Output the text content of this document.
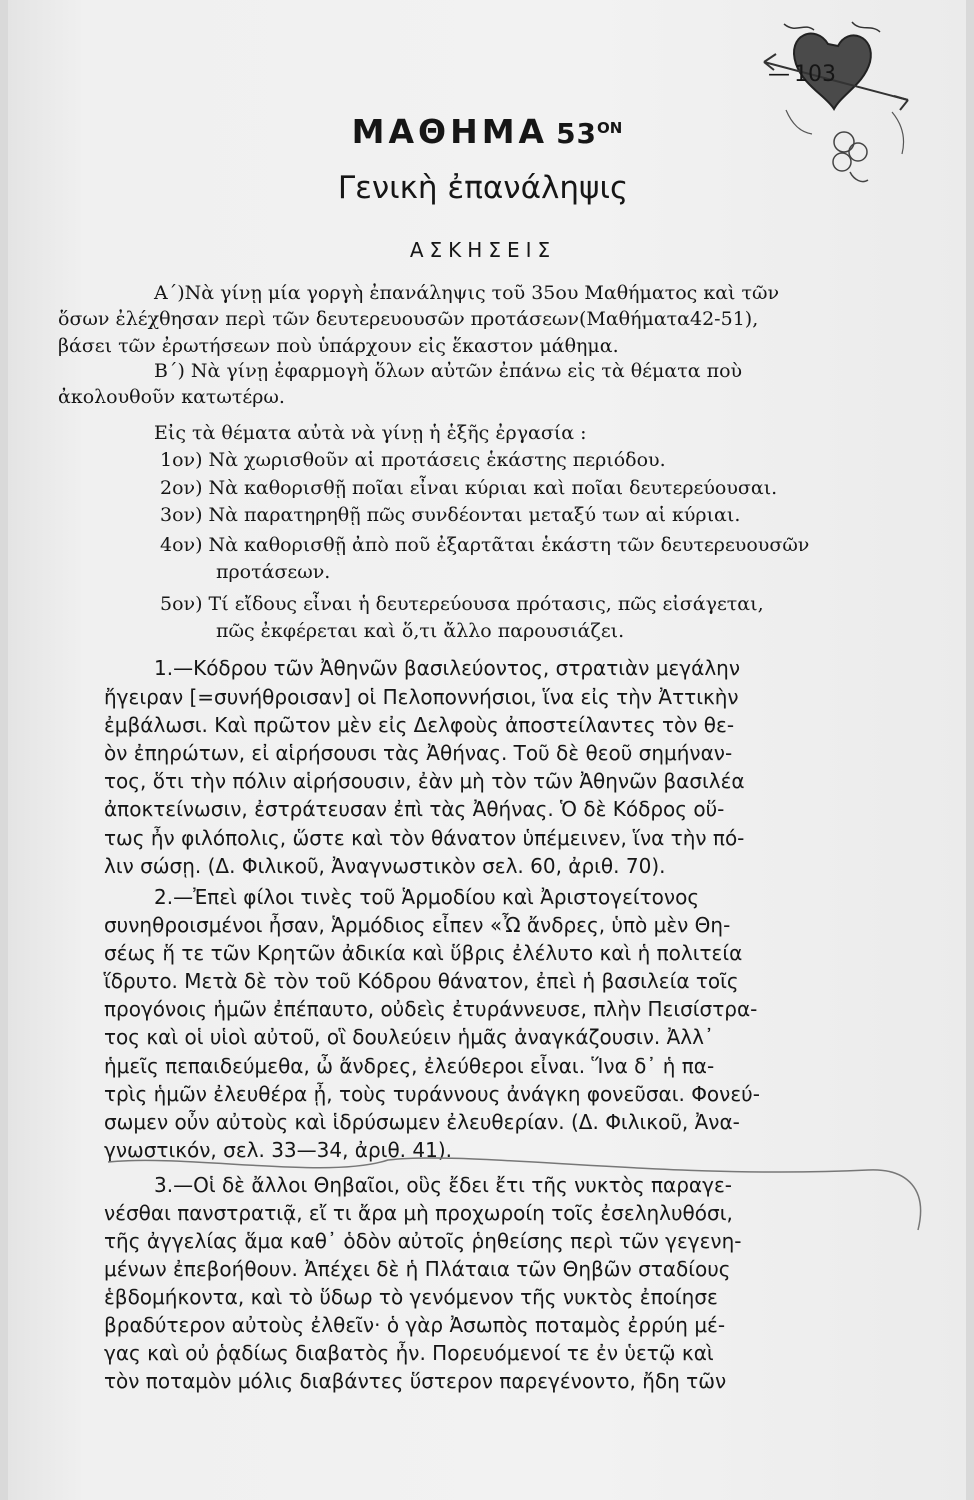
— 103
ΜΑΘΗΜΑ $53^{ON}$
Γενικὴ ἐπανάληψις
ΑΣΚΗΣΕΙΣ
Α΄)Νὰ γίνῃ μία γοργὴ ἐπανάληψις τοῦ 35ου Μαθήματος καὶ τῶν
ὅσων ἐλέχθησαν περὶ τῶν δευτερευουσῶν προτάσεων(Μαθήματα42-51),
βάσει τῶν ἐρωτήσεων ποὺ ὑπάρχουν εἰς ἕκαστον μάθημα.
Β΄) Νὰ γίνῃ ἐφαρμογὴ ὅλων αὐτῶν ἐπάνω εἰς τὰ θέματα ποὺ
ἀκολουθοῦν κατωτέρω.
Εἰς τὰ θέματα αὐτὰ νὰ γίνῃ ἡ ἑξῆς ἐργασία :
1ον) Νὰ χωρισθοῦν αἱ προτάσεις ἑκάστης περιόδου.
2ον) Νὰ καθορισθῇ ποῖαι εἶναι κύριαι καὶ ποῖαι δευτερεύουσαι.
3ον) Νὰ παρατηρηθῇ πῶς συνδέονται μεταξύ των αἱ κύριαι.
4ον) Νὰ καθορισθῇ ἀπὸ ποῦ ἐξαρτᾶται ἑκάστη τῶν δευτερευουσῶν
προτάσεων.
5ον) Τί εἴδους εἶναι ἡ δευτερεύουσα πρότασις, πῶς εἰσάγεται,
πῶς ἐκφέρεται καὶ ὅ,τι ἄλλο παρουσιάζει.
1.—Κόδρου τῶν Ἀθηνῶν βασιλεύοντος, στρατιὰν μεγάλην
ἤγειραν [=συνήθροισαν] οἱ Πελοποννήσιοι, ἵνα εἰς τὴν Ἀττικὴν
ἐμβάλωσι. Καὶ πρῶτον μὲν εἰς Δελφοὺς ἀποστείλαντες τὸν θε-
ὸν ἐπηρώτων, εἰ αἱρήσουσι τὰς Ἀθήνας. Τοῦ δὲ θεοῦ σημήναν-
τος, ὅτι τὴν πόλιν αἱρήσουσιν, ἐὰν μὴ τὸν τῶν Ἀθηνῶν βασιλέα
ἀποκτείνωσιν, ἐστράτευσαν ἐπὶ τὰς Ἀθήνας. Ὁ δὲ Κόδρος οὕ-
τως ἦν φιλόπολις, ὥστε καὶ τὸν θάνατον ὑπέμεινεν, ἵνα τὴν πό-
λιν σώσῃ. (Δ. Φιλικοῦ, Ἀναγνωστικὸν σελ. 60, ἀριθ. 70).
2.—Ἐπεὶ φίλοι τινὲς τοῦ Ἁρμοδίου καὶ Ἀριστογείτονος
συνηθροισμένοι ἦσαν, Ἁρμόδιος εἶπεν «Ὦ ἄνδρες, ὑπὸ μὲν Θη-
σέως ἥ τε τῶν Κρητῶν ἀδικία καὶ ὕβρις ἐλέλυτο καὶ ἡ πολιτεία
ἵδρυτο. Μετὰ δὲ τὸν τοῦ Κόδρου θάνατον, ἐπεὶ ἡ βασιλεία τοῖς
προγόνοις ἡμῶν ἐπέπαυτο, οὐδεὶς ἐτυράννευσε, πλὴν Πεισίστρα-
τος καὶ οἱ υἱοὶ αὐτοῦ, οἳ δουλεύειν ἡμᾶς ἀναγκάζουσιν. Ἀλλ᾽
ἡμεῖς πεπαιδεύμεθα, ὦ ἄνδρες, ἐλεύθεροι εἶναι. Ἵνα δ᾽ ἡ πα-
τρὶς ἡμῶν ἐλευθέρα ᾖ, τοὺς τυράννους ἀνάγκη φονεῦσαι. Φονεύ-
σωμεν οὖν αὐτοὺς καὶ ἱδρύσωμεν ἐλευθερίαν. (Δ. Φιλικοῦ, Ἀνα-
γνωστικόν, σελ. 33—34, ἀριθ. 41).
3.—Οἱ δὲ ἄλλοι Θηβαῖοι, οὓς ἔδει ἔτι τῆς νυκτὸς παραγε-
νέσθαι πανστρατιᾷ, εἴ τι ἄρα μὴ προχωροίη τοῖς ἐσεληλυθόσι,
τῆς ἀγγελίας ἅμα καθ᾽ ὁδὸν αὐτοῖς ῥηθείσης περὶ τῶν γεγενη-
μένων ἐπεβοήθουν. Ἀπέχει δὲ ἡ Πλάταια τῶν Θηβῶν σταδίους
ἑβδομήκοντα, καὶ τὸ ὕδωρ τὸ γενόμενον τῆς νυκτὸς ἐποίησε
βραδύτερον αὐτοὺς ἐλθεῖν· ὁ γὰρ Ἀσωπὸς ποταμὸς ἐρρύη μέ-
γας καὶ οὐ ῥᾳδίως διαβατὸς ἦν. Πορευόμενοί τε ἐν ὑετῷ καὶ
τὸν ποταμὸν μόλις διαβάντες ὕστερον παρεγένοντο, ἤδη τῶν
